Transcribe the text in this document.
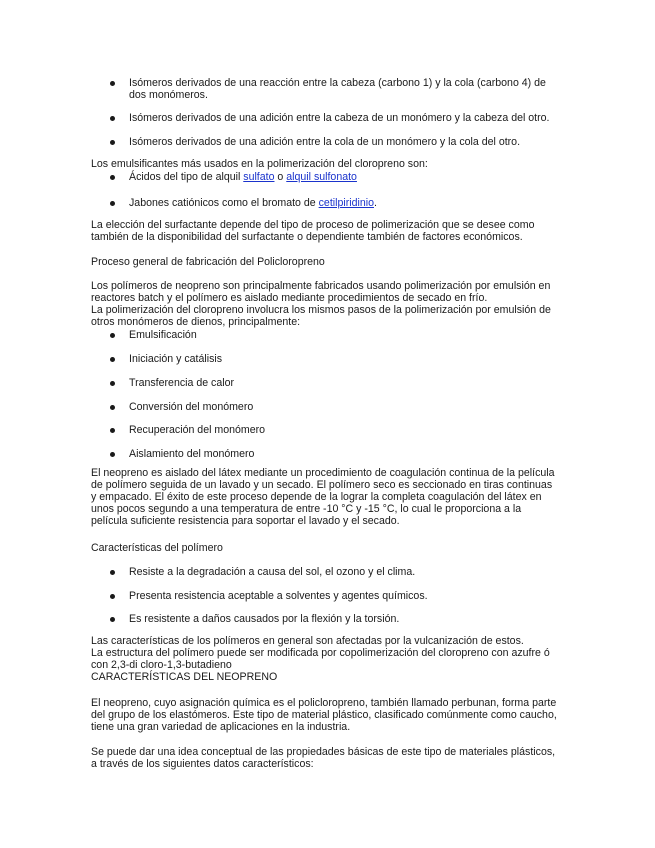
Isómeros derivados de una reacción entre la cabeza (carbono 1) y la cola (carbono 4) de
dos monómeros.

Isómeros derivados de una adición entre la cabeza de un monómero y la cabeza del otro.

Isómeros derivados de una adición entre la cola de un monómero y la cola del otro.

Los emulsificantes más usados en la polimerización del cloropreno son:

Ácidos del tipo de alquil sulfato o alquil sulfonato

Jabones catiónicos como el bromato de cetilpiridinio.

La elección del surfactante depende del tipo de proceso de polimerización que se desee como
también de la disponibilidad del surfactante o dependiente también de factores económicos.

Proceso general de fabricación del Policloropreno

Los polímeros de neopreno son principalmente fabricados usando polimerización por emulsión en
reactores batch y el polímero es aislado mediante procedimientos de secado en frío.
La polimerización del cloropreno involucra los mismos pasos de la polimerización por emulsión de
otros monómeros de dienos, principalmente:

Emulsificación

Iniciación y catálisis

Transferencia de calor

Conversión del monómero

Recuperación del monómero

Aislamiento del monómero

El neopreno es aislado del látex mediante un procedimiento de coagulación continua de la película
de polímero seguida de un lavado y un secado. El polímero seco es seccionado en tiras continuas
y empacado. El éxito de este proceso depende de la lograr la completa coagulación del látex en
unos pocos segundo a una temperatura de entre -10 °C y -15 °C, lo cual le proporciona a la
película suficiente resistencia para soportar el lavado y el secado.

Características del polímero

Resiste a la degradación a causa del sol, el ozono y el clima.

Presenta resistencia aceptable a solventes y agentes químicos.

Es resistente a daños causados por la flexión y la torsión.

Las características de los polímeros en general son afectadas por la vulcanización de estos.
La estructura del polímero puede ser modificada por copolimerización del cloropreno con azufre ó
con 2,3-di cloro-1,3-butadieno
CARACTERÍSTICAS DEL NEOPRENO

El neopreno, cuyo asignación química es el policloropreno, también llamado perbunan, forma parte
del grupo de los elastómeros. Este tipo de material plástico, clasificado comúnmente como caucho,
tiene una gran variedad de aplicaciones en la industria.

Se puede dar una idea conceptual de las propiedades básicas de este tipo de materiales plásticos,
a través de los siguientes datos característicos:
